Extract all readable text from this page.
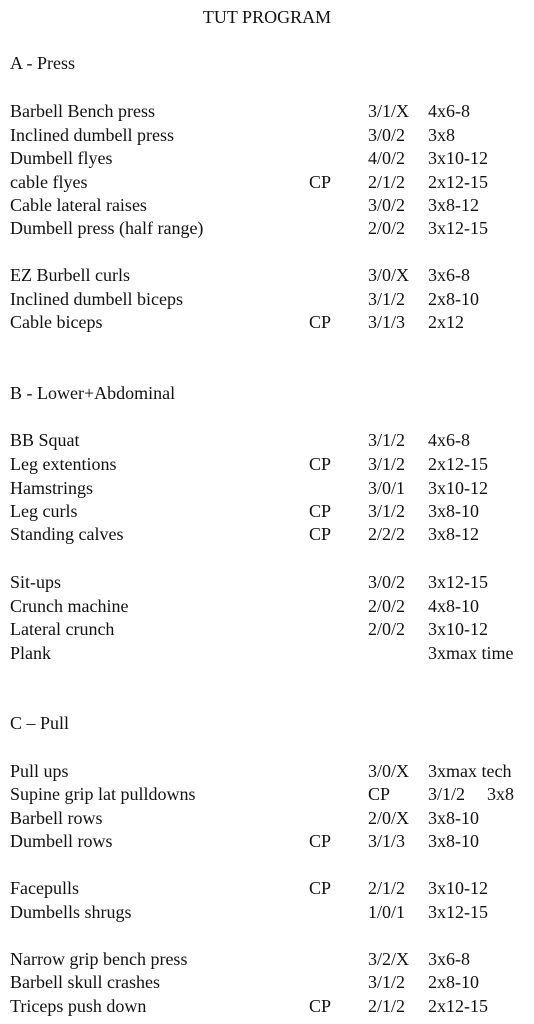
TUT PROGRAM
A - Press
Barbell Bench press	3/1/X 4x6-8
Inclined dumbell press	3/0/2 3x8
Dumbell flyes	4/0/2 3x10-12
cable flyes	CP 2/1/2 2x12-15
Cable lateral raises	3/0/2 3x8-12
Dumbell press (half range)	2/0/2 3x12-15
EZ Burbell curls	3/0/X 3x6-8
Inclined dumbell biceps	3/1/2 2x8-10
Cable biceps	CP 3/1/3 2x12
B - Lower+Abdominal
BB Squat	3/1/2 4x6-8
Leg extentions	CP 3/1/2 2x12-15
Hamstrings	3/0/1 3x10-12
Leg curls	CP 3/1/2 3x8-10
Standing calves	CP 2/2/2 3x8-12
Sit-ups	3/0/2 3x12-15
Crunch machine	2/0/2 4x8-10
Lateral crunch	2/0/2 3x10-12
Plank	3xmax time
C – Pull
Pull ups	3/0/X 3xmax tech
Supine grip lat pulldowns	CP 3/1/2 3x8
Barbell rows	2/0/X 3x8-10
Dumbell rows	CP 3/1/3 3x8-10
Facepulls	CP 2/1/2 3x10-12
Dumbells shrugs	1/0/1 3x12-15
Narrow grip bench press	3/2/X 3x6-8
Barbell skull crashes	3/1/2 2x8-10
Triceps push down	CP 2/1/2 2x12-15
